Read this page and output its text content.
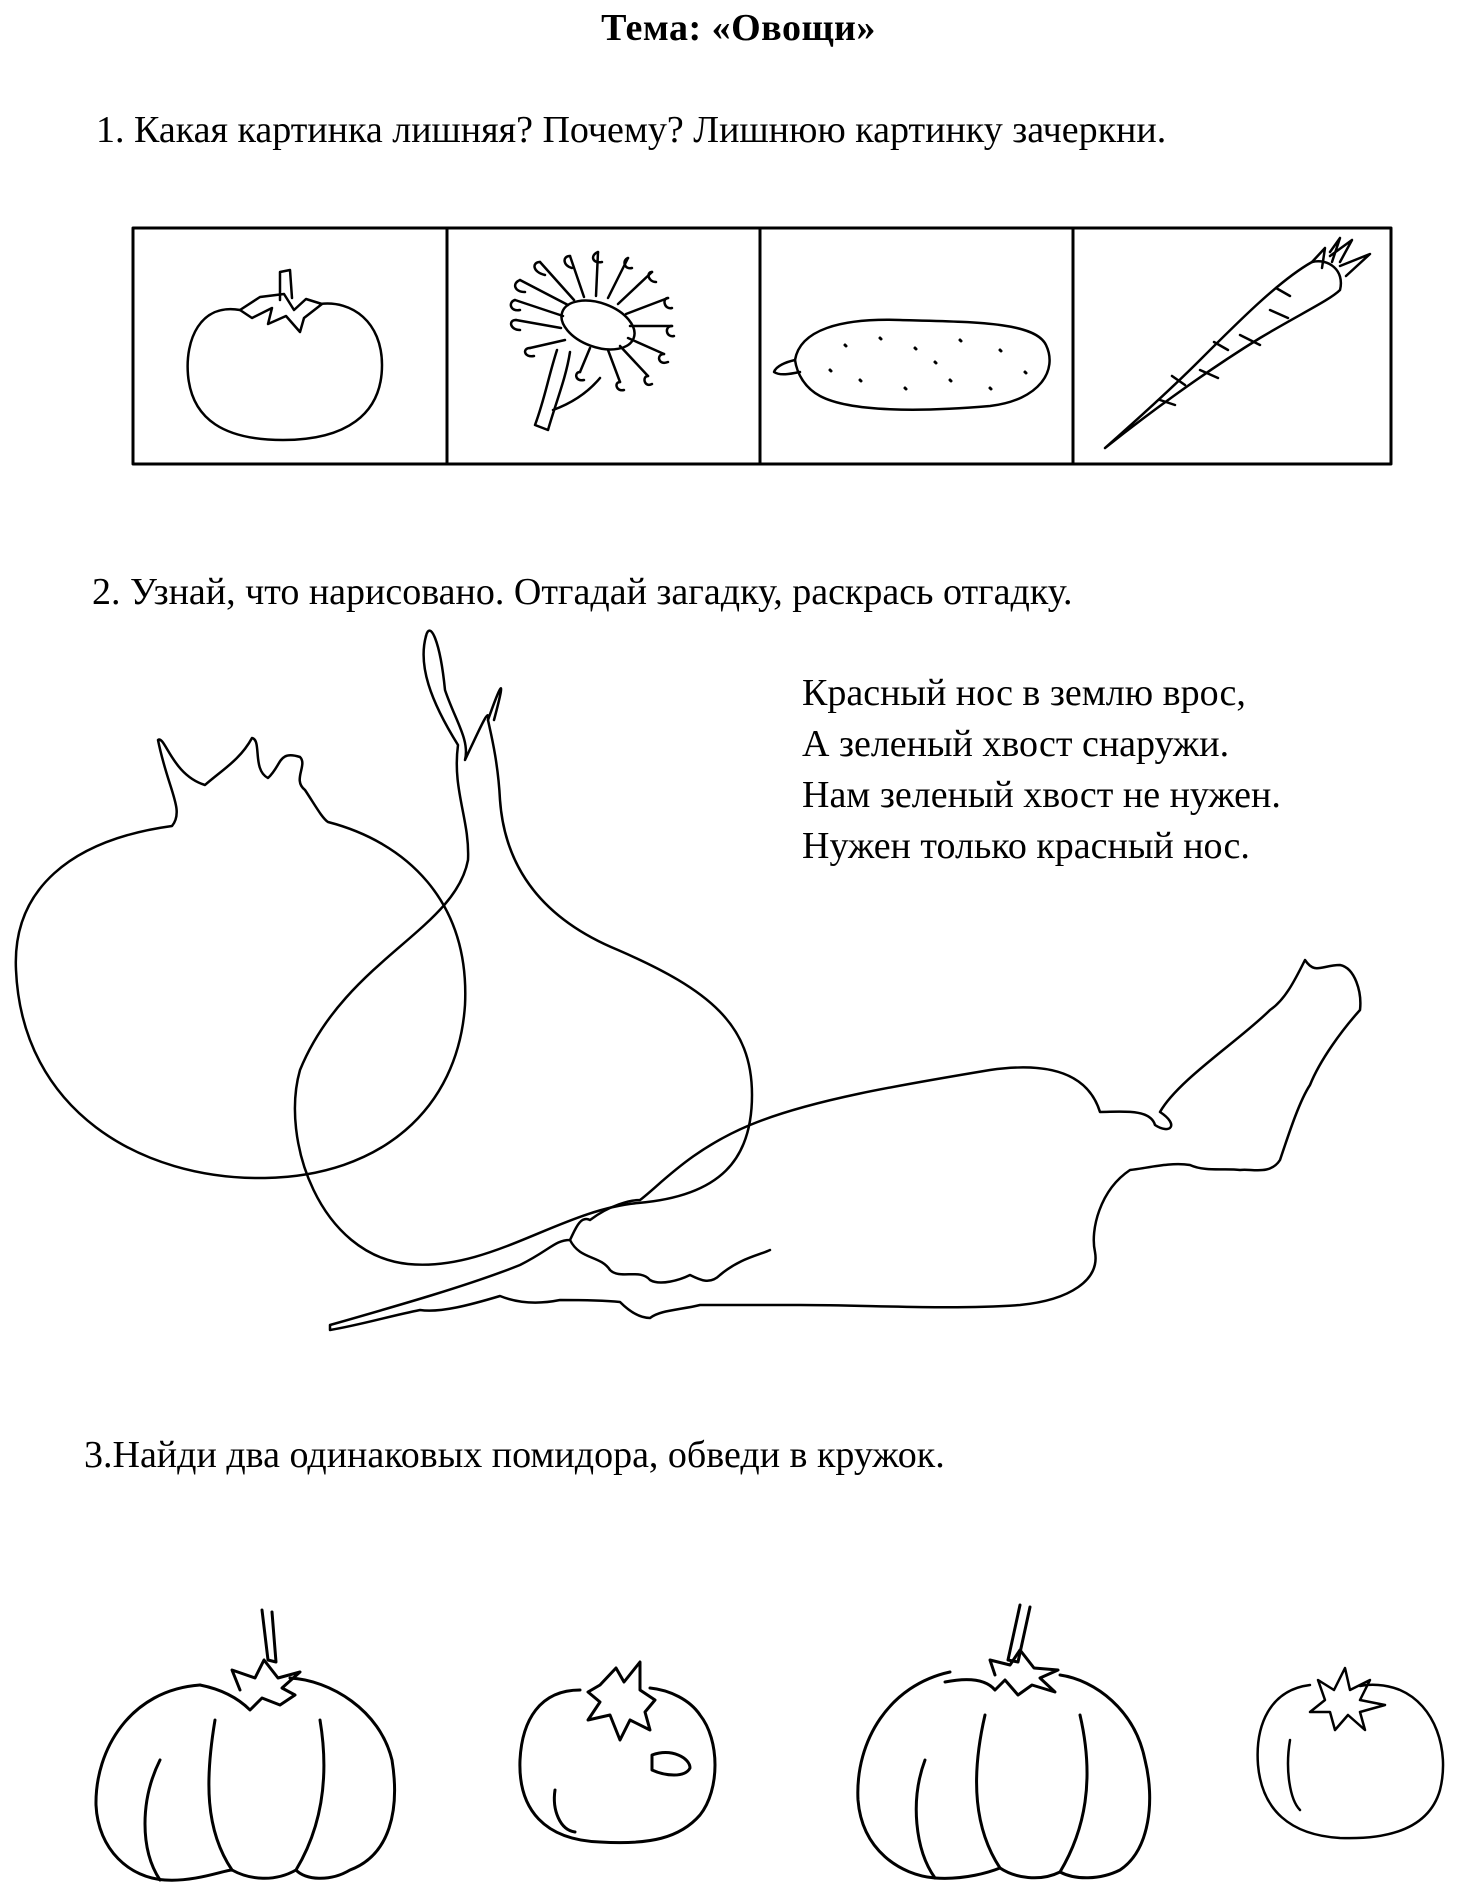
Тема: «Овощи»
1. Какая картинка лишняя? Почему? Лишнюю картинку зачеркни.
2. Узнай, что нарисовано. Отгадай загадку, раскрась отгадку.
3.Найди два одинаковых помидора, обведи в кружок.
Красный нос в землю врос,
А зеленый хвост снаружи.
Нам зеленый хвост не нужен.
Нужен только красный нос.
